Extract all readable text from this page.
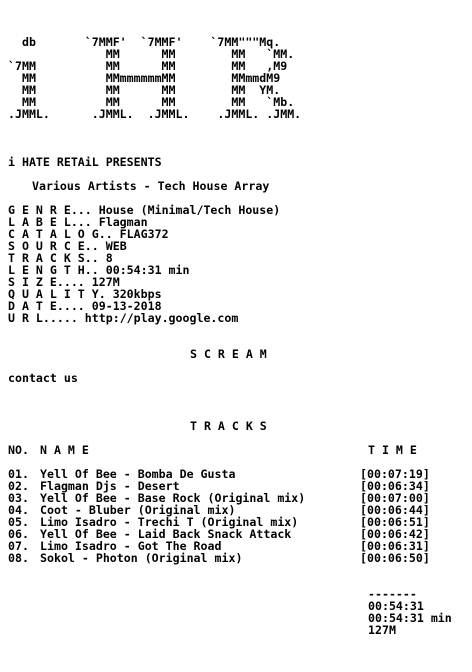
db       `7MMF'  `7MMF'    `7MM"""Mq.
MM      MM        MM   `MM.
`7MM          MM      MM        MM   ,M9
MM          MMmmmmmmMM        MMmmdM9
MM          MM      MM        MM  YM.
MM          MM      MM        MM   `Mb.
.JMML.      .JMML.  .JMML.    .JMML. .JMM.
i HATE RETAiL PRESENTS
Various Artists - Tech House Array
G E N R E... House (Minimal/Tech House)
L A B E L... Flagman
C A T A L O G.. FLAG372
S O U R C E.. WEB
T R A C K S.. 8
L E N G T H.. 00:54:31 min
S I Z E.... 127M
Q U A L I T Y. 320kbps
D A T E.... 09-13-2018
U R L..... http://play.google.com
S C R E A M
contact us
T R A C K S
NO. N A M E	T I M E
01. Yell Of Bee - Bomba De Gusta	[00:07:19]
02. Flagman Djs - Desert	[00:06:34]
03. Yell Of Bee - Base Rock (Original mix)	[00:07:00]
04. Coot - Bluber (Original mix)	[00:06:44]
05. Limo Isadro - Trechi T (Original mix)	[00:06:51]
06. Yell Of Bee - Laid Back Snack Attack	[00:06:42]
07. Limo Isadro - Got The Road	[00:06:31]
08. Sokol - Photon (Original mix)	[00:06:50]
-------
00:54:31
00:54:31 min
127M
